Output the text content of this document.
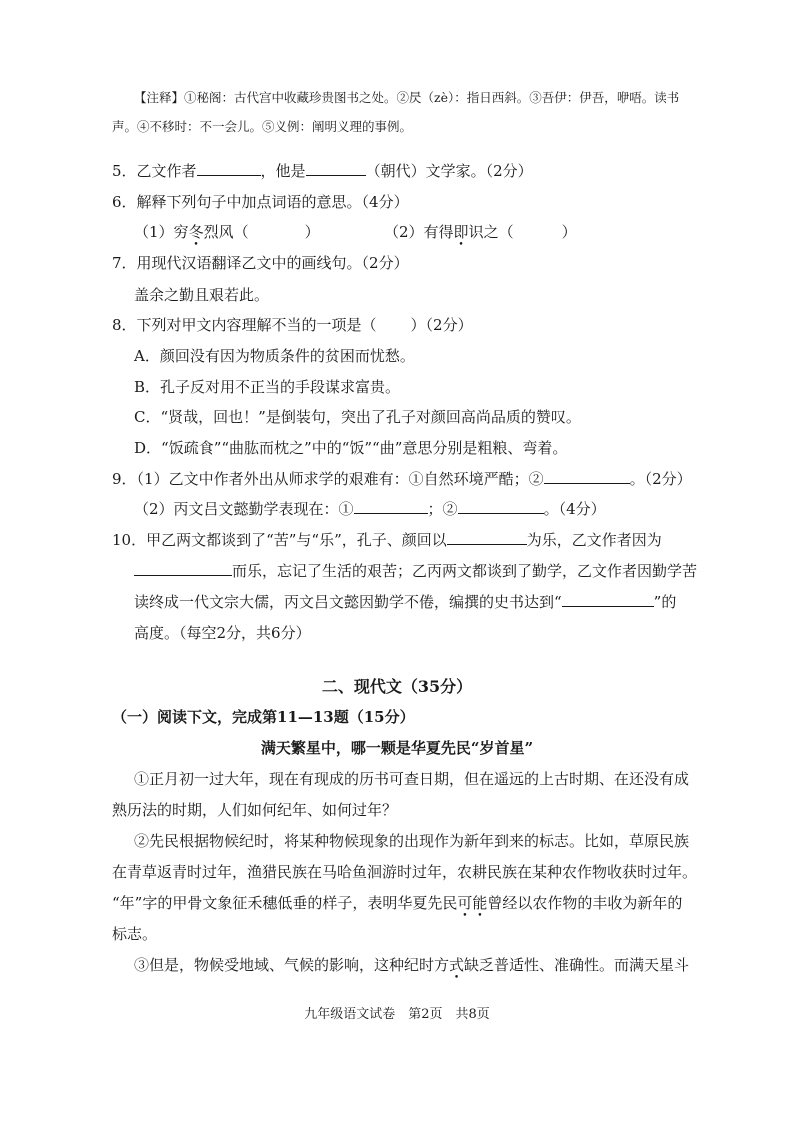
【注释】①秘阁：古代宫中收藏珍贵图书之处。②昃（zè）：指日西斜。③吾伊：伊吾，咿唔。读书
声。④不移时：不一会儿。⑤义例：阐明义理的事例。
5．乙文作者	，他是	（朝代）文学家。（2分）
6．解释下列句子中加点词语的意思。（4分）
（1）穷冬烈风（	）	（2）有得即识之（	）
7．用现代汉语翻译乙文中的画线句。（2分）
盖余之勤且艰若此。
8．下列对甲文内容理解不当的一项是（ ）（2分）
A．颜回没有因为物质条件的贫困而忧愁。
B．孔子反对用不正当的手段谋求富贵。
C．“贤哉，回也！”是倒装句，突出了孔子对颜回高尚品质的赞叹。
D．“饭疏食”“曲肱而枕之”中的“饭”“曲”意思分别是粗粮、弯着。
9．（1）乙文中作者外出从师求学的艰难有：①自然环境严酷；②	。（2分）
（2）丙文吕文懿勤学表现在：①	；②	。（4分）
10．甲乙两文都谈到了“苦”与“乐”，孔子、颜回以	为乐，乙文作者因为
而乐，忘记了生活的艰苦；乙丙两文都谈到了勤学，乙文作者因勤学苦
读终成一代文宗大儒，丙文吕文懿因勤学不倦，编撰的史书达到“	”的
高度。（每空2分，共6分）
二、现代文（35分）
（一）阅读下文，完成第11—13题（15分）
满天繁星中，哪一颗是华夏先民“岁首星”
①正月初一过大年，现在有现成的历书可查日期，但在遥远的上古时期、在还没有成
熟历法的时期，人们如何纪年、如何过年？
②先民根据物候纪时，将某种物候现象的出现作为新年到来的标志。比如，草原民族
在青草返青时过年，渔猎民族在马哈鱼洄游时过年，农耕民族在某种农作物收获时过年。
“年”字的甲骨文象征禾穗低垂的样子，表明华夏先民可能曾经以农作物的丰收为新年的
标志。
③但是，物候受地域、气候的影响，这种纪时方式缺乏普适性、准确性。而满天星斗
九年级语文试卷　第2页　共8页
